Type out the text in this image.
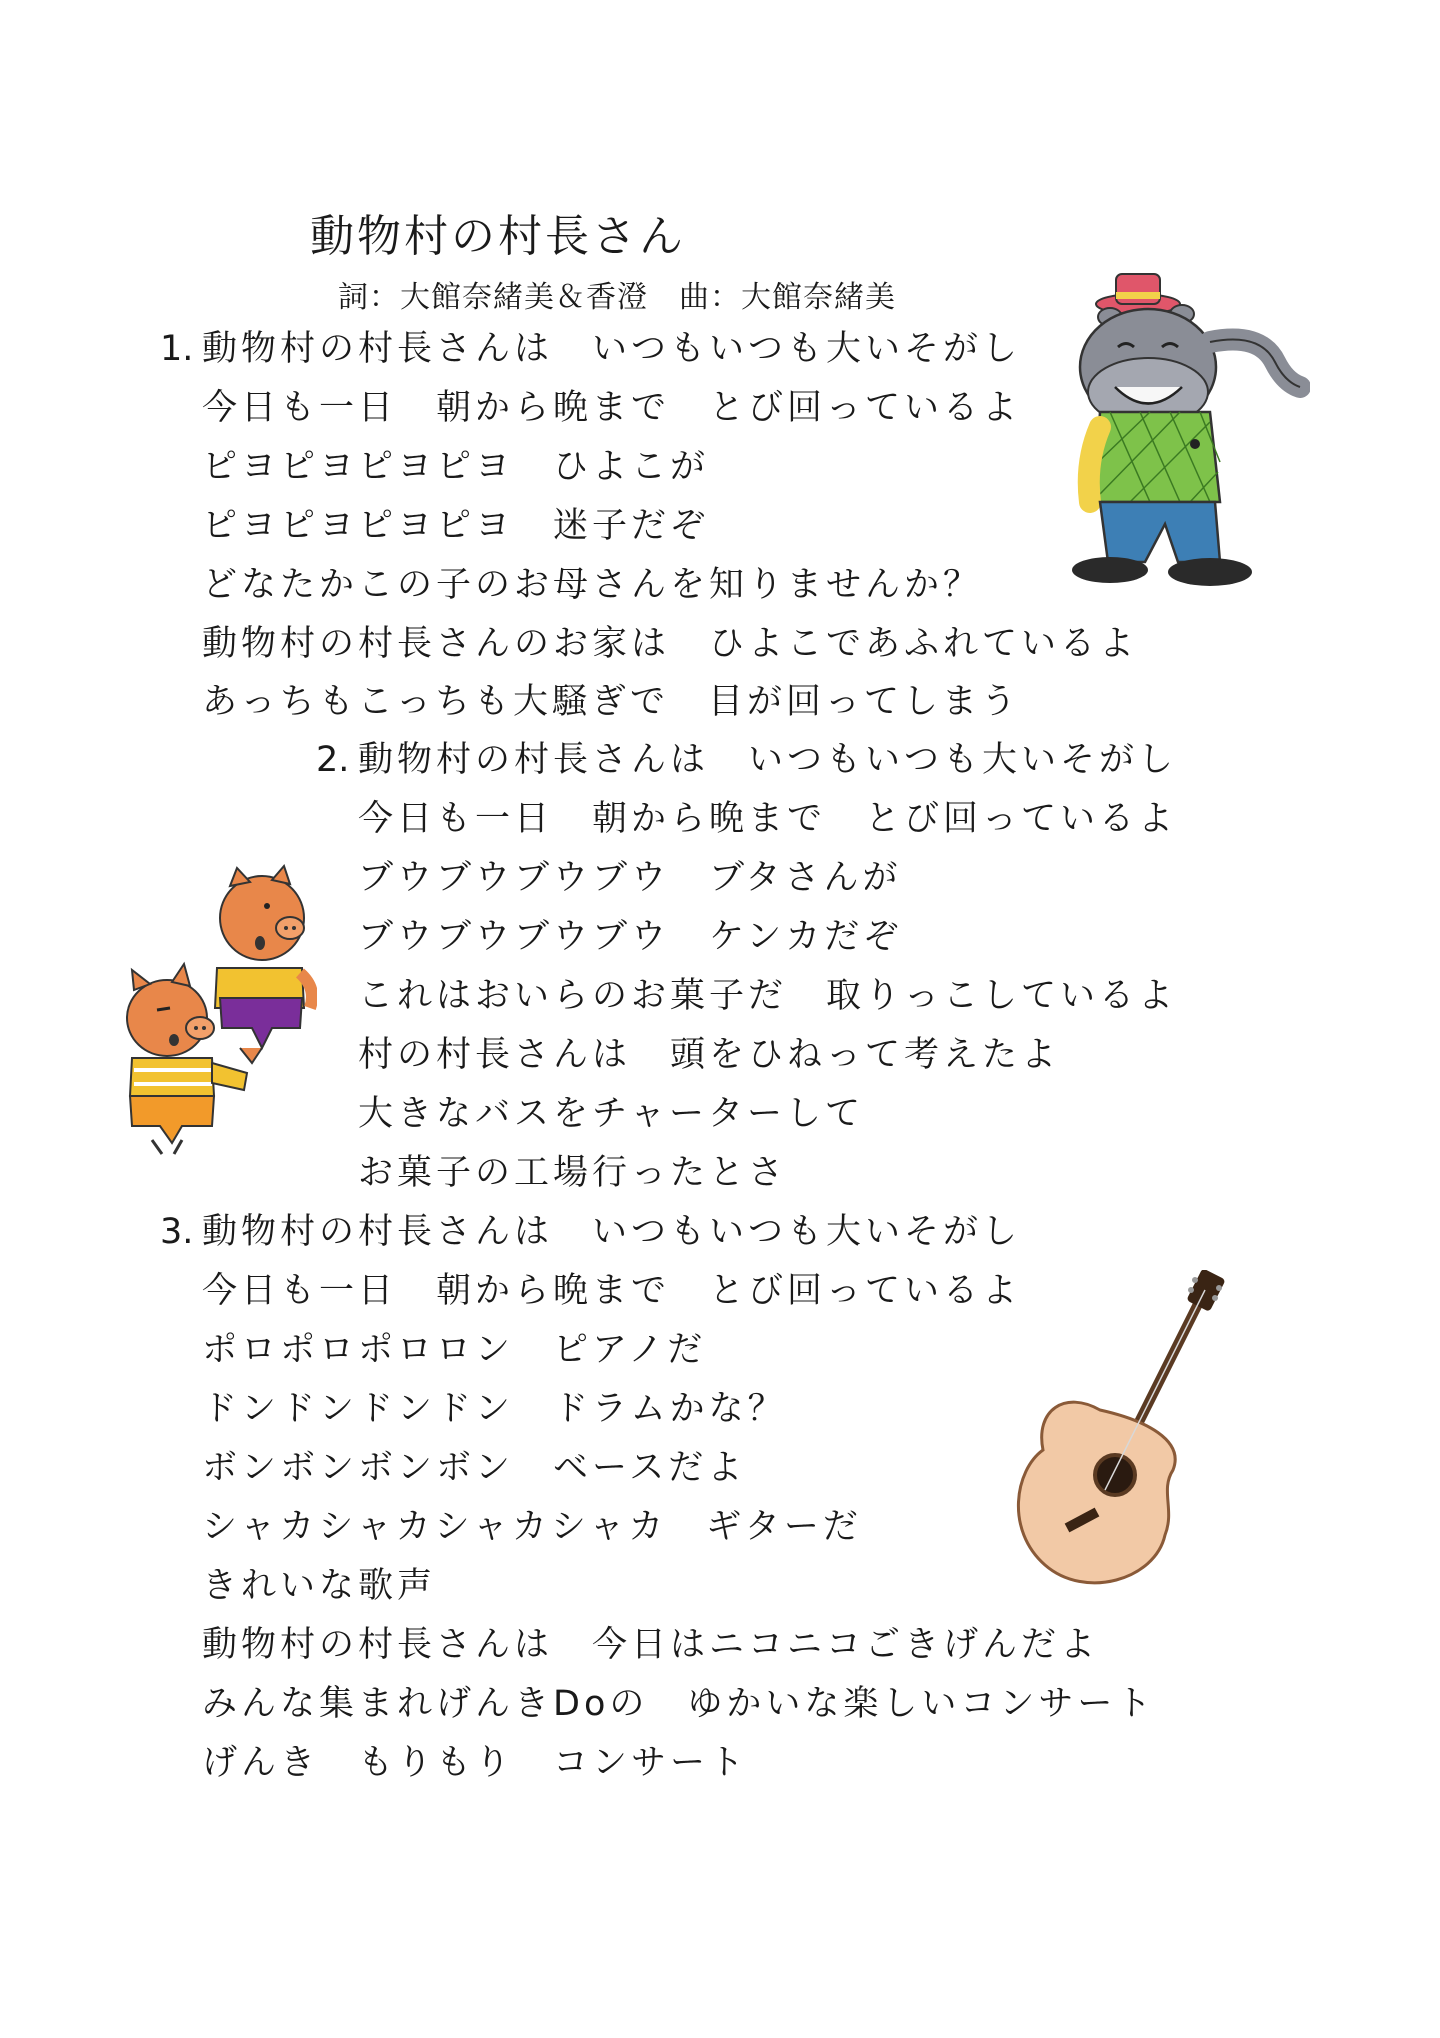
動物村の村長さん
詞：大館奈緒美＆香澄　曲：大館奈緒美
1. 動物村の村長さんは　いつもいつも大いそがし
今日も一日　朝から晩まで　とび回っているよ
ピヨピヨピヨピヨ　ひよこが
ピヨピヨピヨピヨ　迷子だぞ
どなたかこの子のお母さんを知りませんか？
動物村の村長さんのお家は　ひよこであふれているよ
あっちもこっちも大騒ぎで　目が回ってしまう
2. 動物村の村長さんは　いつもいつも大いそがし
今日も一日　朝から晩まで　とび回っているよ
ブウブウブウブウ　ブタさんが
ブウブウブウブウ　ケンカだぞ
これはおいらのお菓子だ　取りっこしているよ
村の村長さんは　頭をひねって考えたよ
大きなバスをチャーターして
お菓子の工場行ったとさ
3. 動物村の村長さんは　いつもいつも大いそがし
今日も一日　朝から晩まで　とび回っているよ
ポロポロポロロン　ピアノだ
ドンドンドンドン　ドラムかな？
ボンボンボンボン　ベースだよ
シャカシャカシャカシャカ　ギターだ
きれいな歌声
動物村の村長さんは　今日はニコニコごきげんだよ
みんな集まれげんきDoの　ゆかいな楽しいコンサート
げんき　もりもり　コンサート
